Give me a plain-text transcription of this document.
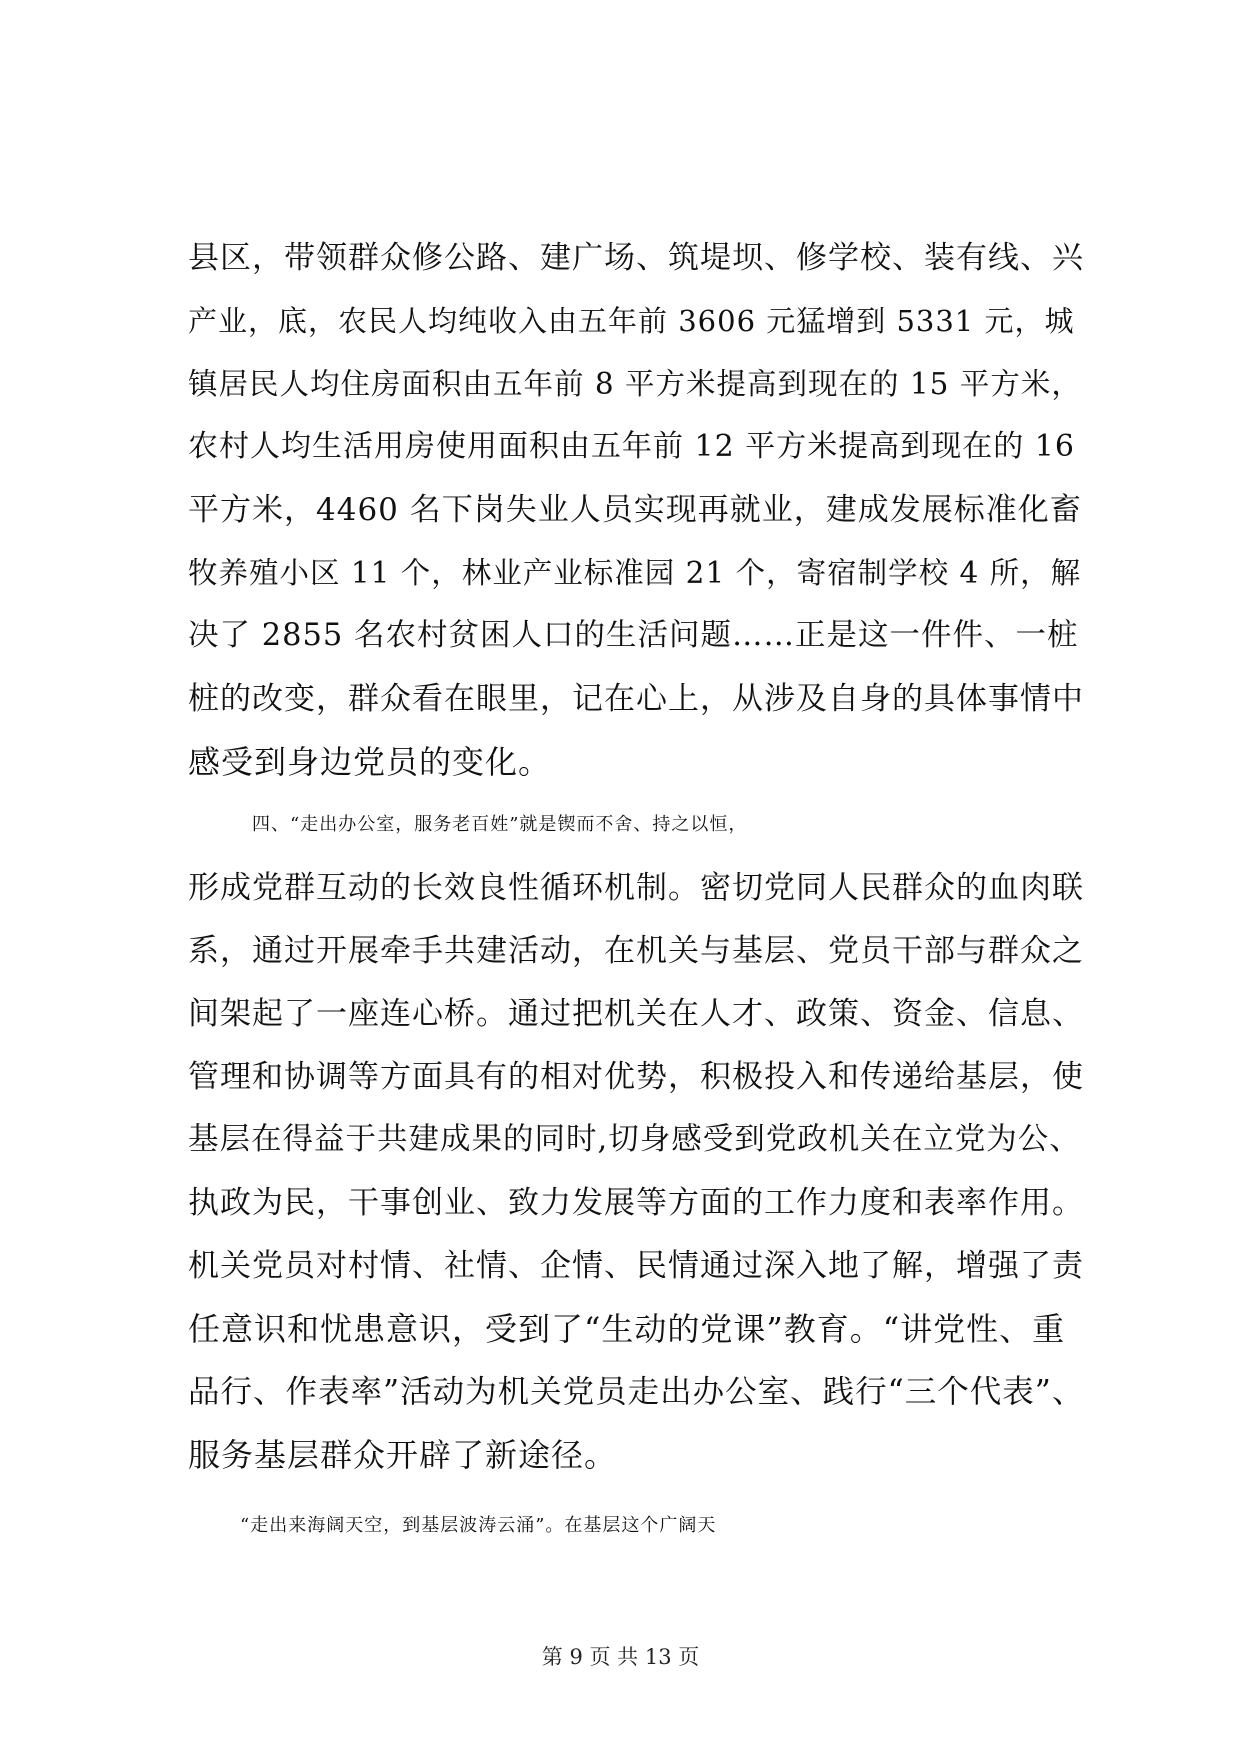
县区，带领群众修公路、建广场、筑堤坝、修学校、装有线、兴
产业，底，农民人均纯收入由五年前 3606 元猛增到 5331 元，城
镇居民人均住房面积由五年前 8 平方米提高到现在的 15 平方米，
农村人均生活用房使用面积由五年前 12 平方米提高到现在的 16
平方米，4460 名下岗失业人员实现再就业，建成发展标准化畜
牧养殖小区 11 个，林业产业标准园 21 个，寄宿制学校 4 所，解
决了 2855 名农村贫困人口的生活问题……正是这一件件、一桩
桩的改变，群众看在眼里，记在心上，从涉及自身的具体事情中
感受到身边党员的变化。
四、“走出办公室，服务老百姓”就是锲而不舍、持之以恒，
形成党群互动的长效良性循环机制。密切党同人民群众的血肉联
系，通过开展牵手共建活动，在机关与基层、党员干部与群众之
间架起了一座连心桥。通过把机关在人才、政策、资金、信息、
管理和协调等方面具有的相对优势，积极投入和传递给基层，使
基层在得益于共建成果的同时,切身感受到党政机关在立党为公、
执政为民，干事创业、致力发展等方面的工作力度和表率作用。
机关党员对村情、社情、企情、民情通过深入地了解，增强了责
任意识和忧患意识，受到了“生动的党课”教育。“讲党性、重
品行、作表率”活动为机关党员走出办公室、践行“三个代表”、
服务基层群众开辟了新途径。
“走出来海阔天空，到基层波涛云涌”。在基层这个广阔天
第 9 页 共 13 页
